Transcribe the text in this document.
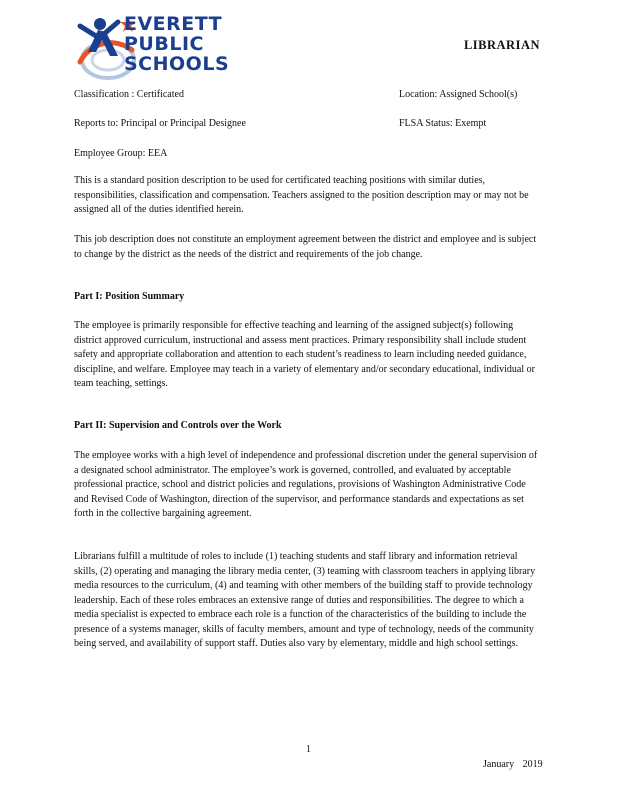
EVERETT
PUBLIC
SCHOOLS
LIBRARIAN
Classification : Certificated	Location: Assigned School(s)
Reports to: Principal or Principal Designee	FLSA Status: Exempt
Employee Group: EEA
This is a standard position description to be used for certificated teaching positions with similar duties, responsibilities, classification and compensation. Teachers assigned to the position description may or may not be assigned all of the duties identified herein.
This job description does not constitute an employment agreement between the district and employee and is subject to change by the district as the needs of the district and requirements of the job change.
Part I: Position Summary
The employee is primarily responsible for effective teaching and learning of the assigned subject(s) following district approved curriculum, instructional and assess ment practices. Primary responsibility shall include student safety and appropriate collaboration and attention to each student’s readiness to learn including needed guidance, discipline, and welfare. Employee may teach in a variety of elementary and/or secondary educational, individual or team teaching, settings.
Part II: Supervision and Controls over the Work
The employee works with a high level of independence and professional discretion under the general supervision of a designated school administrator. The employee’s work is governed, controlled, and evaluated by acceptable professional practice, school and district policies and regulations, provisions of Washington Administrative Code and Revised Code of Washington, direction of the supervisor, and performance standards and expectations as set forth in the collective bargaining agreement.
Librarians fulfill a multitude of roles to include (1) teaching students and staff library and information retrieval skills, (2) operating and managing the library media center, (3) teaming with classroom teachers in applying library media resources to the curriculum, (4) and teaming with other members of the building staff to provide technology leadership. Each of these roles embraces an extensive range of duties and responsibilities. The degree to which a media specialist is expected to embrace each role is a function of the characteristics of the building to include the presence of a systems manager, skills of faculty members, amount and type of technology, needs of the community being served, and availability of support staff. Duties also vary by elementary, middle and high school settings.
1
January 2019
